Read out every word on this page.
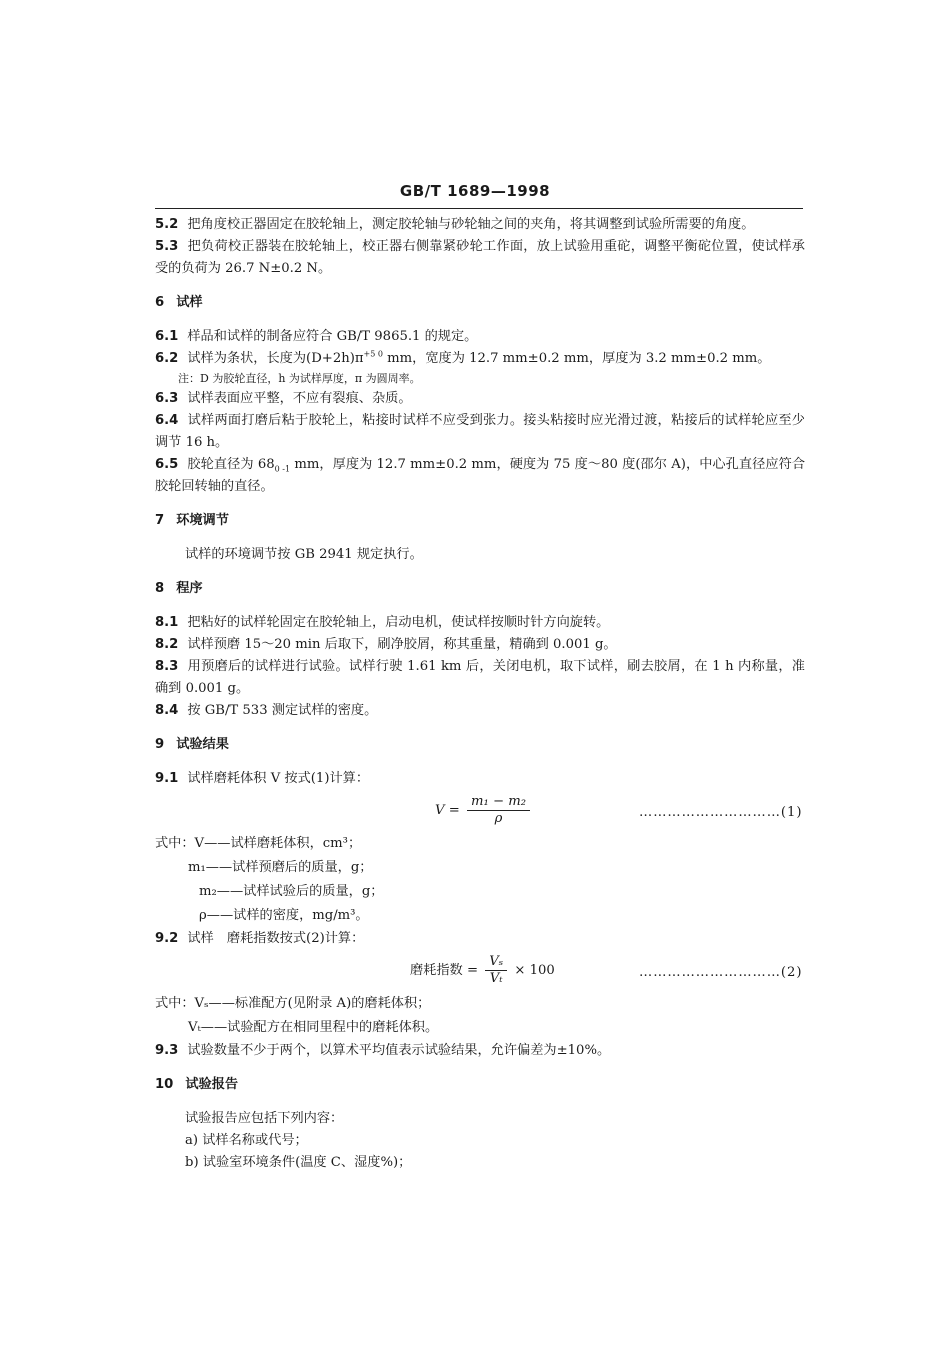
GB/T 1689—1998
5.2 把角度校正器固定在胶轮轴上，测定胶轮轴与砂轮轴之间的夹角，将其调整到试验所需要的角度。
5.3 把负荷校正器装在胶轮轴上，校正器右侧靠紧砂轮工作面，放上试验用重砣，调整平衡砣位置，使试样承受的负荷为 26.7 N±0.2 N。
6 试样
6.1 样品和试样的制备应符合 GB/T 9865.1 的规定。
6.2 试样为条状，长度为$(D+2h)\pi^{+5 0}$ mm，宽度为 12.7 mm±0.2 mm，厚度为 3.2 mm±0.2 mm。
注：D 为胶轮直径，h 为试样厚度，π 为圆周率。
6.3 试样表面应平整，不应有裂痕、杂质。
6.4 试样两面打磨后粘于胶轮上，粘接时试样不应受到张力。接头粘接时应光滑过渡，粘接后的试样轮应至少调节 16 h。
6.5 胶轮直径为 $68_{0 -1}$ mm，厚度为 12.7 mm±0.2 mm，硬度为 75 度～80 度(邵尔 A)，中心孔直径应符合胶轮回转轴的直径。
7 环境调节
试样的环境调节按 GB 2941 规定执行。
8 程序
8.1 把粘好的试样轮固定在胶轮轴上，启动电机，使试样按顺时针方向旋转。
8.2 试样预磨 15～20 min 后取下，刷净胶屑，称其重量，精确到 0.001 g。
8.3 用预磨后的试样进行试验。试样行驶 1.61 km 后，关闭电机，取下试样，刷去胶屑，在 1 h 内称量，准确到 0.001 g。
8.4 按 GB/T 533 测定试样的密度。
9 试验结果
9.1 试样磨耗体积 V 按式(1)计算：
$V = \frac{\text{m₁ − m₂}}{\rho}$	…………………………(1)
式中：V——试样磨耗体积，cm³；
m₁——试样预磨后的质量，g；
m₂——试样试验后的质量，g；
ρ——试样的密度，mg/m³。
9.2 试样　磨耗指数按式(2)计算：
磨耗指数 = $\frac{\text{Vₛ}}{\text{Vₜ}} \times 100$	…………………………(2)
式中：Vₛ——标准配方(见附录 A)的磨耗体积；
Vₜ——试验配方在相同里程中的磨耗体积。
9.3 试验数量不少于两个，以算术平均值表示试验结果，允许偏差为±10%。
10 试验报告
试验报告应包括下列内容：
a) 试样名称或代号；
b) 试验室环境条件(温度 C、湿度%)；
